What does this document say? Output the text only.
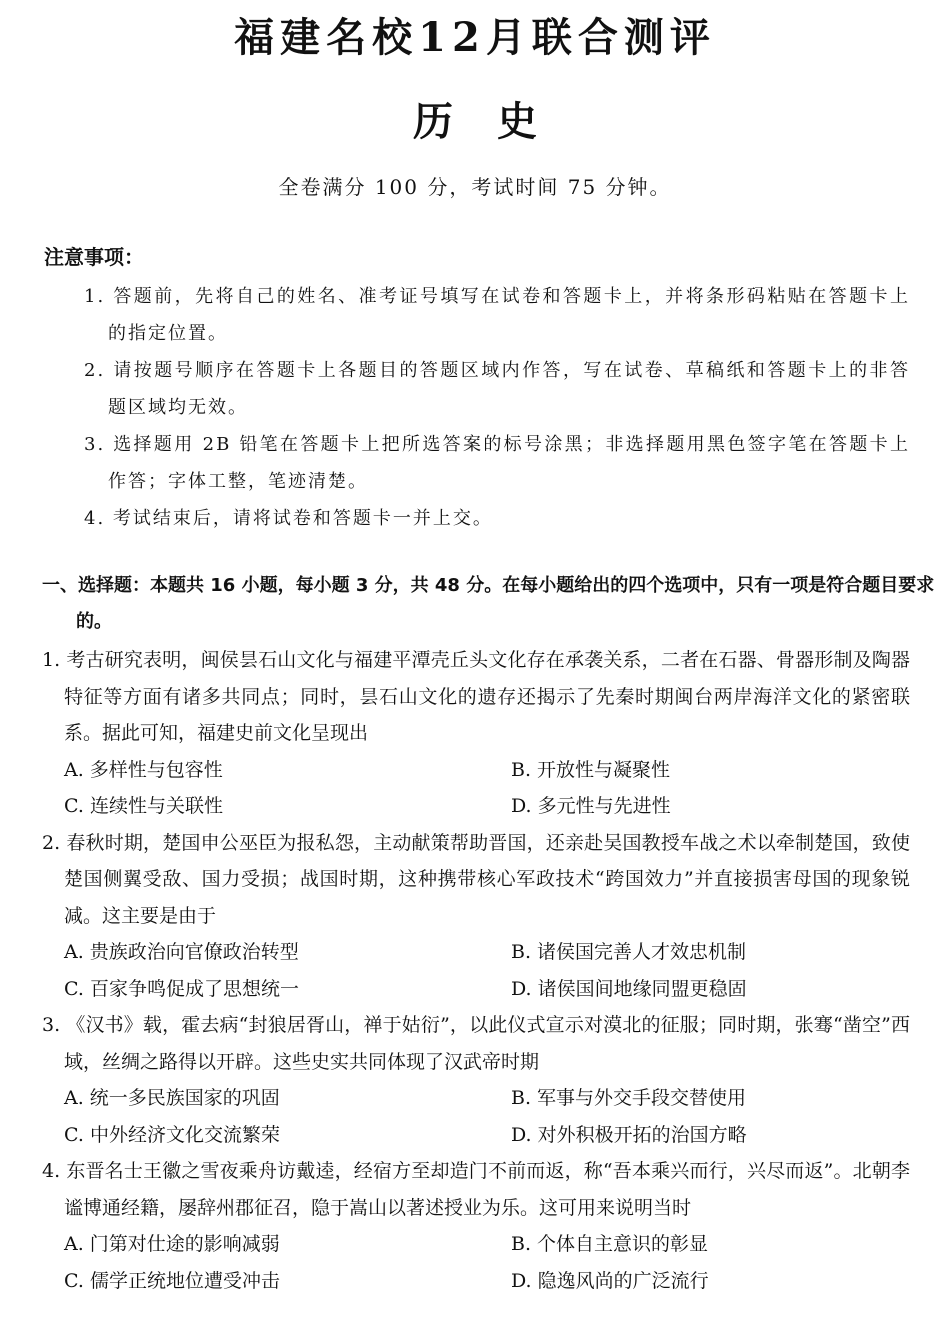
福建名校12月联合测评
历史
全卷满分 100 分，考试时间 75 分钟。
注意事项：
1. 答题前，先将自己的姓名、准考证号填写在试卷和答题卡上，并将条形码粘贴在答题卡上的指定位置。
2. 请按题号顺序在答题卡上各题目的答题区域内作答，写在试卷、草稿纸和答题卡上的非答题区域均无效。
3. 选择题用 2B 铅笔在答题卡上把所选答案的标号涂黑；非选择题用黑色签字笔在答题卡上作答；字体工整，笔迹清楚。
4. 考试结束后，请将试卷和答题卡一并上交。
一、选择题：本题共 16 小题，每小题 3 分，共 48 分。在每小题给出的四个选项中，只有一项是符合题目要求的。
1. 考古研究表明，闽侯昙石山文化与福建平潭壳丘头文化存在承袭关系，二者在石器、骨器形制及陶器特征等方面有诸多共同点；同时，昙石山文化的遗存还揭示了先秦时期闽台两岸海洋文化的紧密联系。据此可知，福建史前文化呈现出
A. 多样性与包容性	B. 开放性与凝聚性
C. 连续性与关联性	D. 多元性与先进性
2. 春秋时期，楚国申公巫臣为报私怨，主动献策帮助晋国，还亲赴吴国教授车战之术以牵制楚国，致使楚国侧翼受敌、国力受损；战国时期，这种携带核心军政技术“跨国效力”并直接损害母国的现象锐减。这主要是由于
A. 贵族政治向官僚政治转型	B. 诸侯国完善人才效忠机制
C. 百家争鸣促成了思想统一	D. 诸侯国间地缘同盟更稳固
3. 《汉书》载，霍去病“封狼居胥山，禅于姑衍”，以此仪式宣示对漠北的征服；同时期，张骞“凿空”西域，丝绸之路得以开辟。这些史实共同体现了汉武帝时期
A. 统一多民族国家的巩固	B. 军事与外交手段交替使用
C. 中外经济文化交流繁荣	D. 对外积极开拓的治国方略
4. 东晋名士王徽之雪夜乘舟访戴逵，经宿方至却造门不前而返，称“吾本乘兴而行，兴尽而返”。北朝李谧博通经籍，屡辞州郡征召，隐于嵩山以著述授业为乐。这可用来说明当时
A. 门第对仕途的影响减弱	B. 个体自主意识的彰显
C. 儒学正统地位遭受冲击	D. 隐逸风尚的广泛流行
